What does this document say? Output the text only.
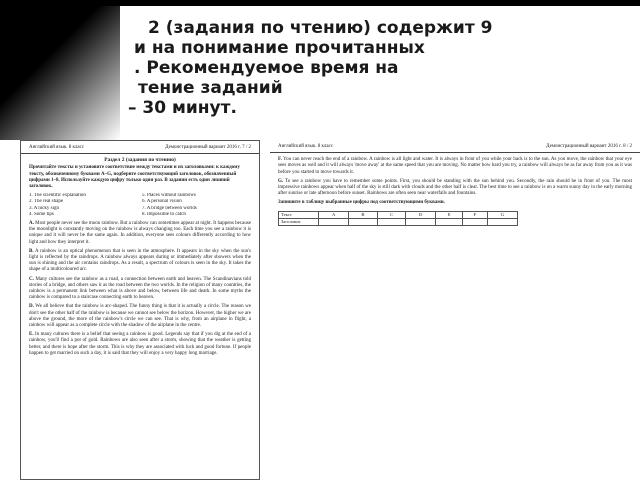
2 (задания по чтению) содержит 9
и на понимание прочитанных
. Рекомендуемое время на
тение заданий
– 30 минут.
Английский язык. 8 класс	Демонстрационный вариант 2016 г. 7 / 2
Раздел 2 (задания по чтению)
Прочитайте тексты и установите соответствие между текстами и их заголовками: к каждому тексту, обозначенному буквами A–G, подберите соответствующий заголовок, обозначенный цифрами 1–8. Используйте каждую цифру только один раз. В задании есть один лишний заголовок.
1. The scientific explanation	5. Places without rainbows
2. The real shape	6. A personal vision
3. A lucky sign	7. A bridge between worlds
4. Some tips	8. Impossible to catch
A. Most people never see the moon rainbow. But a rainbow can sometimes appear at night. It happens because the moonlight is constantly moving on the rainbow is always changing too. Each time you see a rainbow it is unique and it will never be the same again. In addition, everyone sees colours differently according to how light and how they interpret it.
B. A rainbow is an optical phenomenon that is seen in the atmosphere. It appears in the sky when the sun's light is reflected by the raindrops. A rainbow always appears during or immediately after showers when the sun is shining and the air contains raindrops. As a result, a spectrum of colours is seen in the sky. It takes the shape of a multicoloured arc.
C. Many cultures see the rainbow as a road, a connection between earth and heaven. The Scandinavians told stories of a bridge, and others saw it as the road between the two worlds. In the religion of many countries, the rainbow is a permanent link between what is above and below, between life and death. In some myths the rainbow is compared to a staircase connecting earth to heaven.
D. We all believe that the rainbow is arc-shaped. The funny thing is that it is actually a circle. The reason we don't see the other half of the rainbow is because we cannot see below the horizon. However, the higher we are above the ground, the more of the rainbow's circle we can see. That is why, from an airplane in flight, a rainbow will appear as a complete circle with the shadow of the airplane in the centre.
E. In many cultures there is a belief that seeing a rainbow is good. Legends say that if you dig at the end of a rainbow, you'll find a pot of gold. Rainbows are also seen after a storm, showing that the weather is getting better, and there is hope after the storm. This is why they are associated with luck and good fortune. If people happen to get married on such a day, it is said that they will enjoy a very happy long marriage.
Английский язык. 8 класс	Демонстрационный вариант 2016 г. 8 / 2
F. You can never reach the end of a rainbow. A rainbow is all light and water. It is always in front of you while your back is to the sun. As you move, the rainbow that your eye sees moves as well and it will always 'move away' at the same speed that you are moving. No matter how hard you try, a rainbow will always be as far away from you as it was before you started to move towards it.
G. To see a rainbow you have to remember some points. First, you should be standing with the sun behind you. Secondly, the rain should be in front of you. The most impressive rainbows appear when half of the sky is still dark with clouds and the other half is clear. The best time to see a rainbow is on a warm sunny day in the early morning after sunrise or late afternoon before sunset. Rainbows are often seen near waterfalls and fountains.
Запишите в таблицу выбранные цифры под соответствующими буквами.
Текст	A	B	C	D	E	F	G
Заголовок							
